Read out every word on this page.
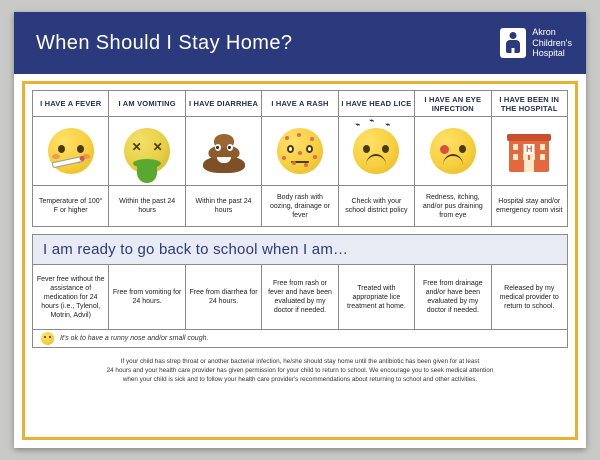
When Should I Stay Home?	Akron
Children's
Hospital
I HAVE A FEVER
Temperature of 100° F or higher
I AM VOMITING
✕ ✕
Within the past 24 hours
I HAVE DIARRHEA
Within the past 24 hours
I HAVE A RASH
Body rash with oozing, drainage or fever
I HAVE HEAD LICE
⌁ ⌁ ⌁
Check with your school district policy
I HAVE AN EYE INFECTION
Redness, itching, and/or pus draining from eye
I HAVE BEEN IN THE HOSPITAL
H
Hospital stay and/or emergency room visit
I am ready to go back to school when I am…
Fever free without the assistance of medication for 24 hours (i.e., Tylenol, Motrin, Advil)
Free from vomiting for 24 hours.
Free from diarrhea for 24 hours.
Free from rash or fever and have been evaluated by my doctor if needed.
Treated with appropriate lice treatment at home.
Free from drainage and/or have been evaluated by my doctor if needed.
Released by my medical provider to return to school.
It's ok to have a runny nose and/or small cough.
If your child has strep throat or another bacterial infection, he/she should stay home until the antibiotic has been given for at least
24 hours and your health care provider has given permission for your child to return to school. We encourage you to seek medical attention
when your child is sick and to follow your health care provider's recommendations about returning to school and other activities.
